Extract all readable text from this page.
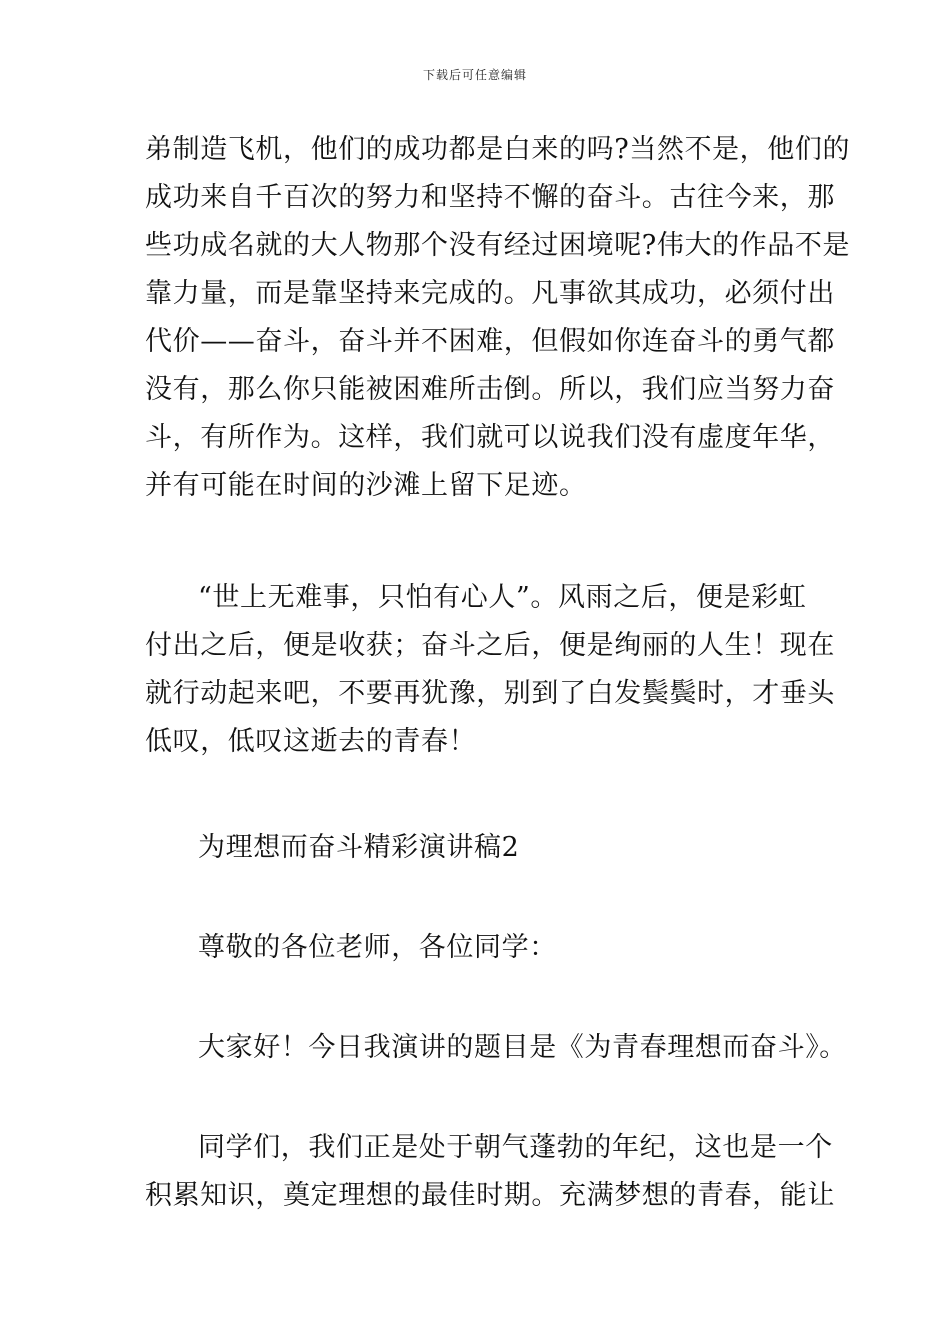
下载后可任意编辑
弟制造飞机，他们的成功都是白来的吗?当然不是，他们的
成功来自千百次的努力和坚持不懈的奋斗。古往今来，那
些功成名就的大人物那个没有经过困境呢?伟大的作品不是
靠力量，而是靠坚持来完成的。凡事欲其成功，必须付出
代价——奋斗，奋斗并不困难，但假如你连奋斗的勇气都
没有，那么你只能被困难所击倒。所以，我们应当努力奋
斗，有所作为。这样，我们就可以说我们没有虚度年华，
并有可能在时间的沙滩上留下足迹。
“世上无难事，只怕有心人”。风雨之后，便是彩虹
付出之后，便是收获；奋斗之后，便是绚丽的人生！现在
就行动起来吧，不要再犹豫，别到了白发鬓鬓时，才垂头
低叹，低叹这逝去的青春！
为理想而奋斗精彩演讲稿2
尊敬的各位老师，各位同学：
大家好！今日我演讲的题目是《为青春理想而奋斗》。
同学们，我们正是处于朝气蓬勃的年纪，这也是一个
积累知识，奠定理想的最佳时期。充满梦想的青春，能让
